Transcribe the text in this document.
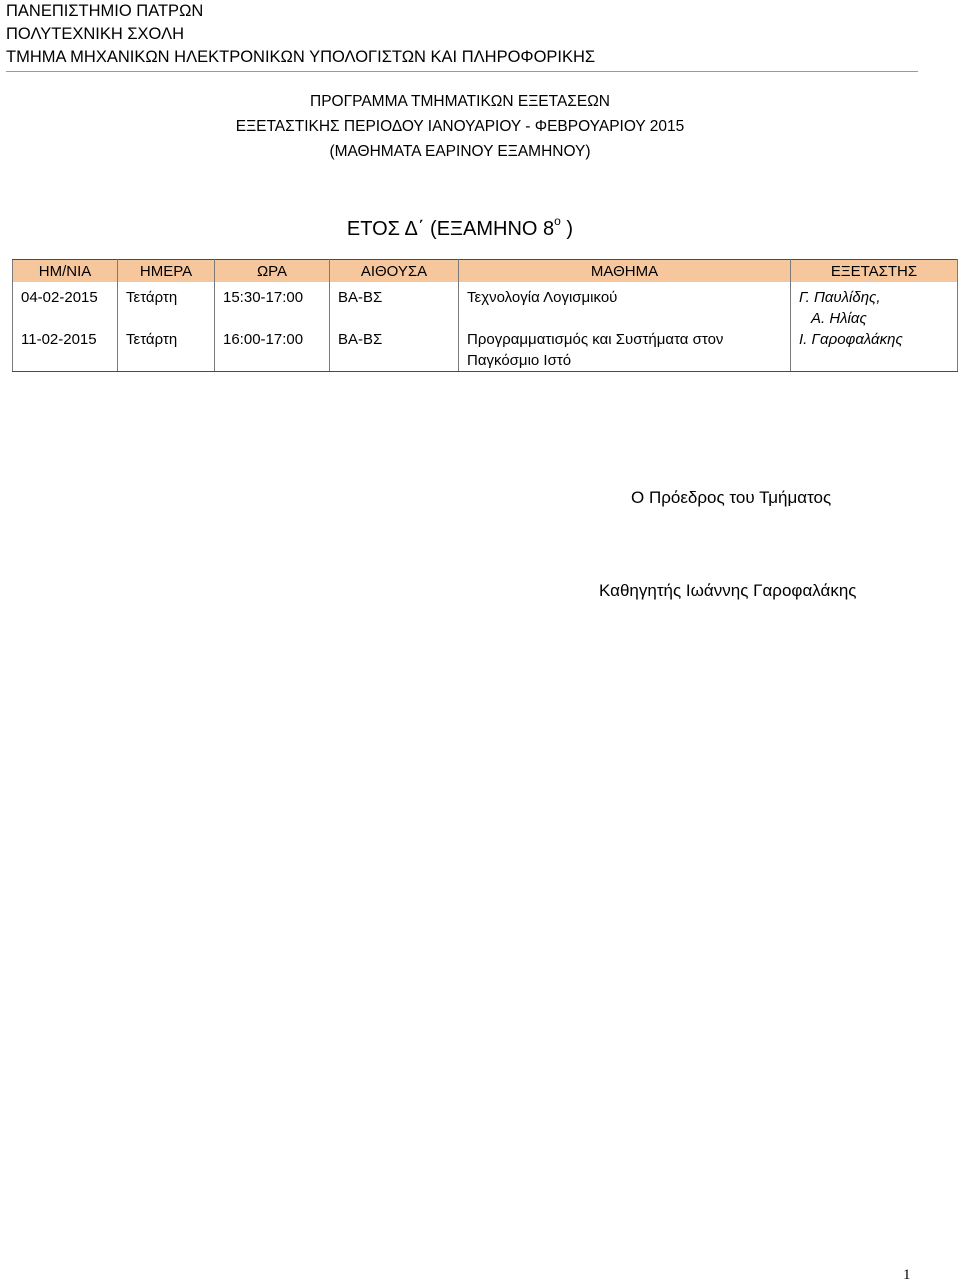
ΠΑΝΕΠΙΣΤΗΜΙΟ ΠΑΤΡΩΝ
ΠΟΛΥΤΕΧΝΙΚΗ ΣΧΟΛΗ
ΤΜΗΜΑ ΜΗΧΑΝΙΚΩΝ ΗΛΕΚΤΡΟΝΙΚΩΝ ΥΠΟΛΟΓΙΣΤΩΝ ΚΑΙ ΠΛΗΡΟΦΟΡΙΚΗΣ
ΠΡΟΓΡΑΜΜΑ ΤΜΗΜΑΤΙΚΩΝ ΕΞΕΤΑΣΕΩΝ
ΕΞΕΤΑΣΤΙΚΗΣ ΠΕΡΙΟΔΟΥ ΙΑΝΟΥΑΡΙΟΥ - ΦΕΒΡΟΥΑΡΙΟΥ 2015
(ΜΑΘΗΜΑΤΑ ΕΑΡΙΝΟΥ ΕΞΑΜΗΝΟΥ)
ΕΤΟΣ Δ΄ (ΕΞΑΜΗΝΟ $8^o$ )
ΗΜ/ΝΙΑ	ΗΜΕΡΑ	ΩΡΑ	ΑΙΘΟΥΣΑ	ΜΑΘΗΜΑ	ΕΞΕΤΑΣΤΗΣ
04-02-2015	Τετάρτη	15:30-17:00	ΒΑ-ΒΣ	Τεχνολογία Λογισμικού	Γ. Παυλίδης,
Α. Ηλίας

11-02-2015	Τετάρτη	16:00-17:00	ΒΑ-ΒΣ	Προγραμματισμός και Συστήματα στον Παγκόσμιο Ιστό	Ι. Γαροφαλάκης
Ο Πρόεδρος του Τμήματος
Καθηγητής Ιωάννης Γαροφαλάκης
1
